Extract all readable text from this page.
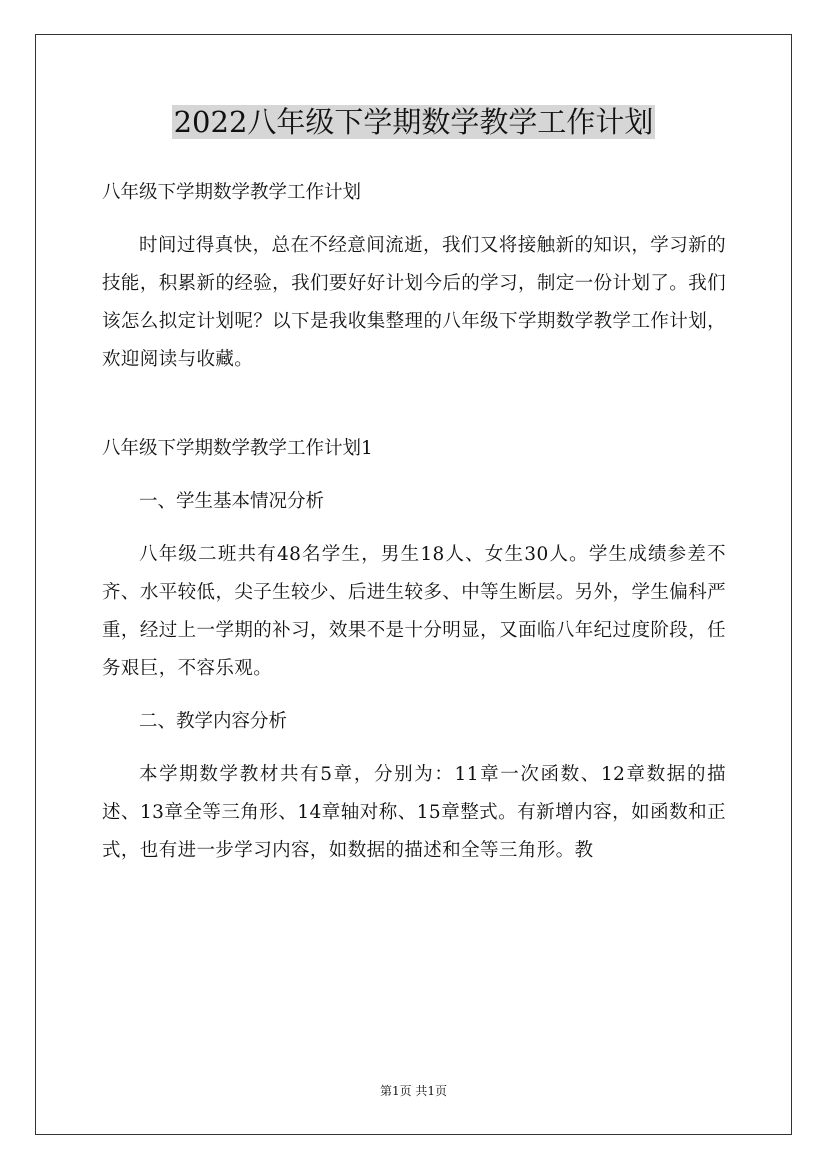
2022八年级下学期数学教学工作计划
八年级下学期数学教学工作计划

时间过得真快，总在不经意间流逝，我们又将接触新的知识，学习新的技能，积累新的经验，我们要好好计划今后的学习，制定一份计划了。我们该怎么拟定计划呢？以下是我收集整理的八年级下学期数学教学工作计划，欢迎阅读与收藏。

八年级下学期数学教学工作计划1
一、学生基本情况分析

八年级二班共有48名学生，男生18人、女生30人。学生成绩参差不齐、水平较低，尖子生较少、后进生较多、中等生断层。另外，学生偏科严重，经过上一学期的补习，效果不是十分明显，又面临八年纪过度阶段，任务艰巨，不容乐观。

二、教学内容分析

本学期数学教材共有5章，分别为：11章一次函数、12章数据的描述、13章全等三角形、14章轴对称、15章整式。有新增内容，如函数和正式，也有进一步学习内容，如数据的描述和全等三角形。教

第1页 共1页
